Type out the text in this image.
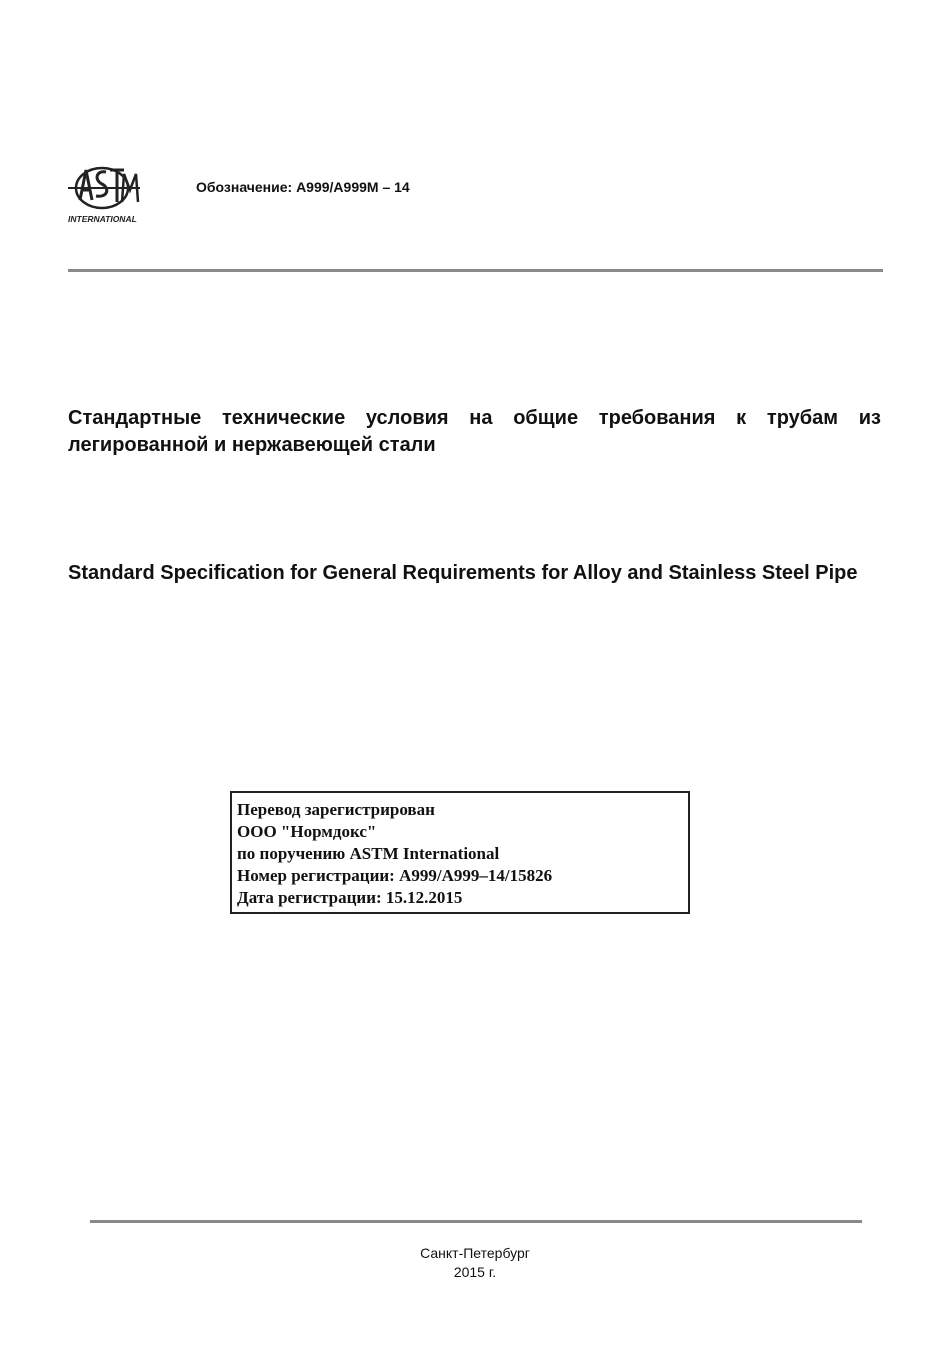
INTERNATIONAL
Обозначение: A999/A999M – 14
Стандартные технические условия на общие требования к трубам из легированной и нержавеющей стали
Standard Specification for General Requirements for Alloy and Stainless Steel Pipe
Перевод зарегистрирован
ООО "Нормдокс"
по поручению ASTM International
Номер регистрации: A999/A999–14/15826
Дата регистрации: 15.12.2015
Санкт-Петербург
2015 г.
